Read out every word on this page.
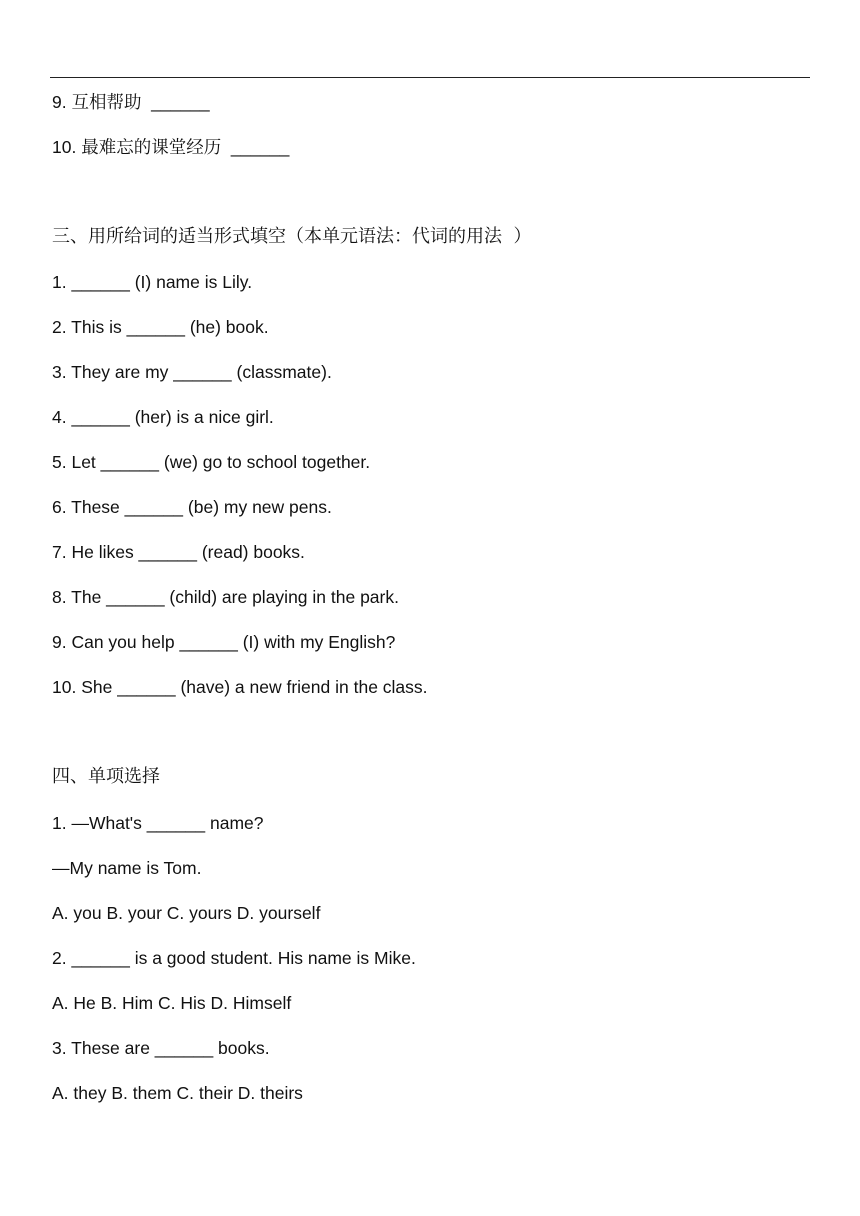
9. 互相帮助  ______
10. 最难忘的课堂经历  ______
三、用所给词的适当形式填空（本单元语法：代词的用法  ）
1. ______ (I) name is Lily.
2. This is ______ (he) book.
3. They are my ______ (classmate).
4. ______ (her) is a nice girl.
5. Let ______ (we) go to school together.
6. These ______ (be) my new pens.
7. He likes ______ (read) books.
8. The ______ (child) are playing in the park.
9. Can you help ______ (I) with my English?
10. She ______ (have) a new friend in the class.
四、单项选择
1. —What's ______ name?
—My name is Tom.
A. you B. your C. yours D. yourself
2. ______ is a good student. His name is Mike.
A. He B. Him C. His D. Himself
3. These are ______ books.
A. they B. them C. their D. theirs
